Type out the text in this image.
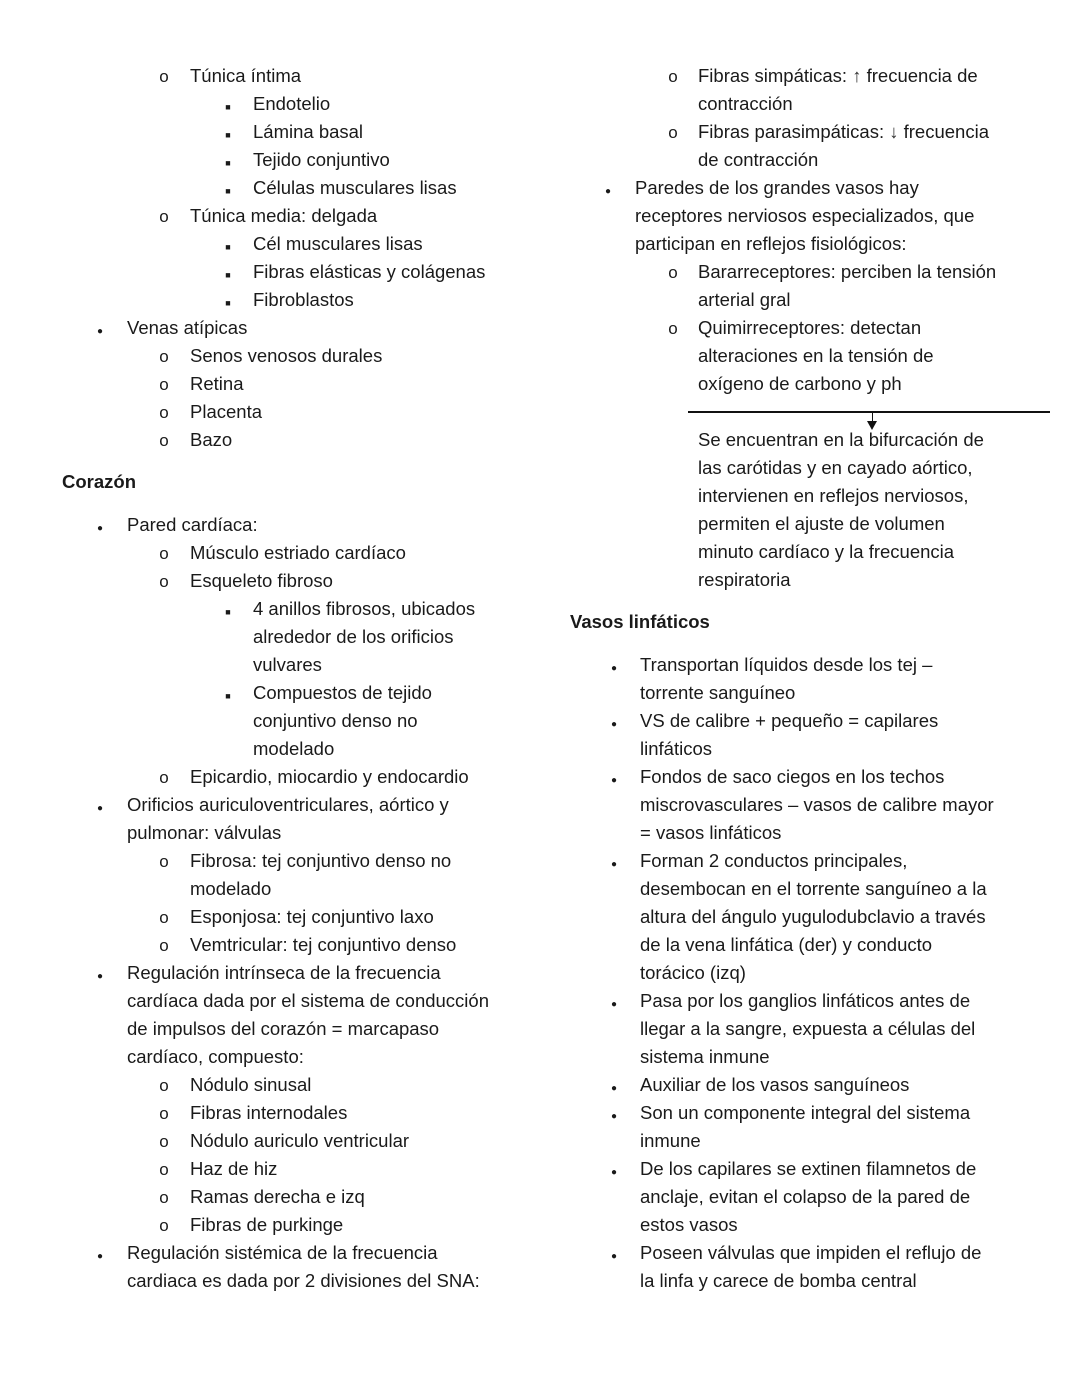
o
Túnica íntima
■
Endotelio
■
Lámina basal
■
Tejido conjuntivo
■
Células musculares lisas
o
Túnica media: delgada
■
Cél musculares lisas
■
Fibras elásticas y colágenas
■
Fibroblastos
●
Venas atípicas
o
Senos venosos durales
o
Retina
o
Placenta
o
Bazo
Corazón
●
Pared cardíaca:
o
Músculo estriado cardíaco
o
Esqueleto fibroso
■
4 anillos fibrosos, ubicados
alrededor de los orificios
vulvares
■
Compuestos de tejido
conjuntivo denso no
modelado
o
Epicardio, miocardio y endocardio
●
Orificios auriculoventriculares, aórtico y
pulmonar: válvulas
o
Fibrosa: tej conjuntivo denso no
modelado
o
Esponjosa: tej conjuntivo laxo
o
Vemtricular: tej conjuntivo denso
●
Regulación intrínseca de la frecuencia
cardíaca dada por el sistema de conducción
de impulsos del corazón = marcapaso
cardíaco, compuesto:
o
Nódulo sinusal
o
Fibras internodales
o
Nódulo auriculo ventricular
o
Haz de hiz
o
Ramas derecha e izq
o
Fibras de purkinge
●
Regulación sistémica de la frecuencia
cardiaca es dada por 2 divisiones del SNA:
o
Fibras simpáticas: ↑ frecuencia de
contracción
o
Fibras parasimpáticas: ↓ frecuencia
de contracción
●
Paredes de los grandes vasos hay
receptores nerviosos especializados, que
participan en reflejos fisiológicos:
o
Bararreceptores: perciben la tensión
arterial gral
o
Quimirreceptores: detectan
alteraciones en la tensión de
oxígeno de carbono y ph
Se encuentran en la bifurcación de
las carótidas y en cayado aórtico,
intervienen en reflejos nerviosos,
permiten el ajuste de volumen
minuto cardíaco y la frecuencia
respiratoria
Vasos linfáticos
●
Transportan líquidos desde los tej –
torrente sanguíneo
●
VS de calibre + pequeño = capilares
linfáticos
●
Fondos de saco ciegos en los techos
miscrovasculares – vasos de calibre mayor
= vasos linfáticos
●
Forman 2 conductos principales,
desembocan en el torrente sanguíneo a la
altura del ángulo yugulodubclavio a través
de la vena linfática (der) y conducto
torácico (izq)
●
Pasa por los ganglios linfáticos antes de
llegar a la sangre, expuesta a células del
sistema inmune
●
Auxiliar de los vasos sanguíneos
●
Son un componente integral del sistema
inmune
●
De los capilares se extinen filamnetos de
anclaje, evitan el colapso de la pared de
estos vasos
●
Poseen válvulas que impiden el reflujo de
la linfa y carece de bomba central
